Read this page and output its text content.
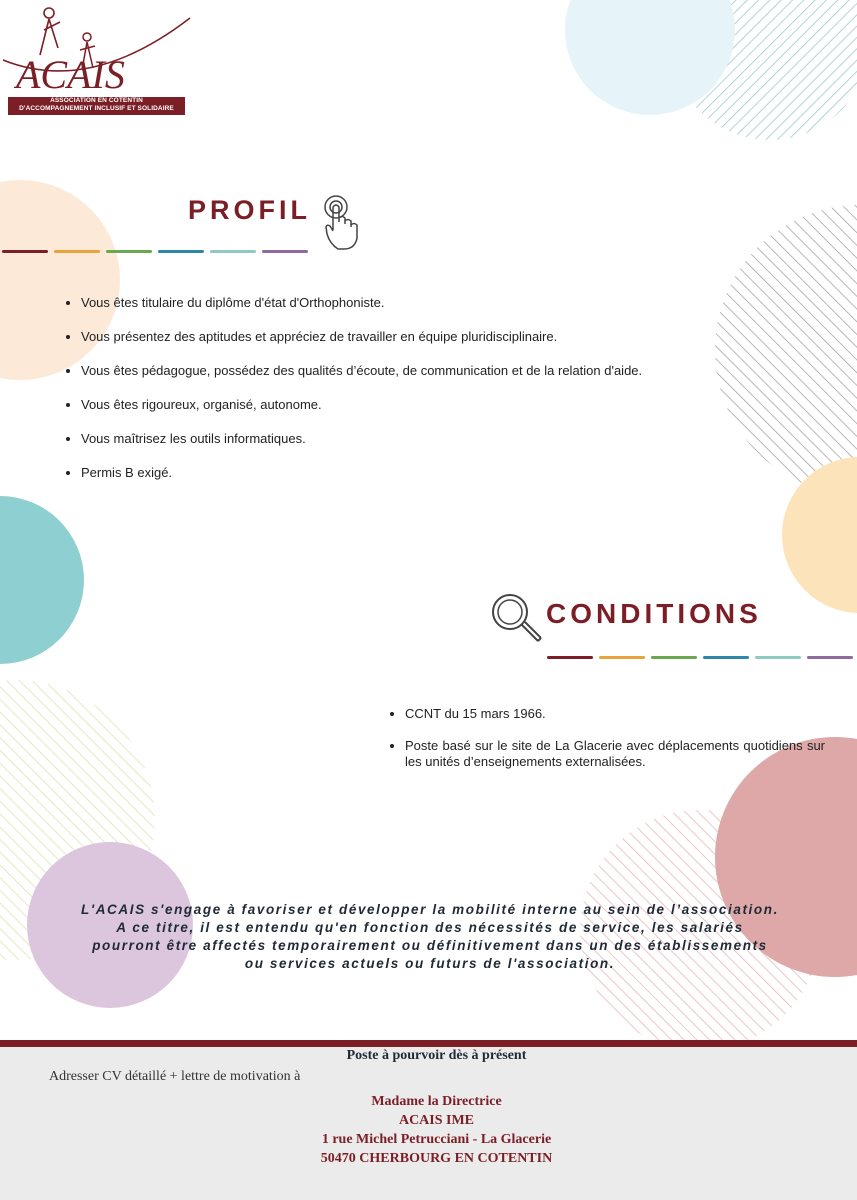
ACAIS
ASSOCIATION EN COTENTIN
D'ACCOMPAGNEMENT INCLUSIF ET SOLIDAIRE
PROFIL
Vous êtes titulaire du diplôme d'état d'Orthophoniste.
Vous présentez des aptitudes et appréciez de travailler en équipe pluridisciplinaire.
Vous êtes pédagogue, possédez des qualités d’écoute, de communication et de la relation d'aide.
Vous êtes rigoureux, organisé, autonome.
Vous maîtrisez les outils informatiques.
Permis B exigé.
CONDITIONS
CCNT du 15 mars 1966.
Poste basé sur le site de La Glacerie avec déplacements quotidiens sur les unités d’enseignements externalisées.
L'ACAIS s'engage à favoriser et développer la mobilité interne au sein de l’association.
A ce titre, il est entendu qu'en fonction des nécessités de service, les salariés
pourront être affectés temporairement ou définitivement dans un des établissements
ou services actuels ou futurs de l'association.
Poste à pourvoir dès à présent
Adresser CV détaillé + lettre de motivation à
Madame la Directrice
ACAIS IME
1 rue Michel Petrucciani - La Glacerie
50470 CHERBOURG EN COTENTIN
